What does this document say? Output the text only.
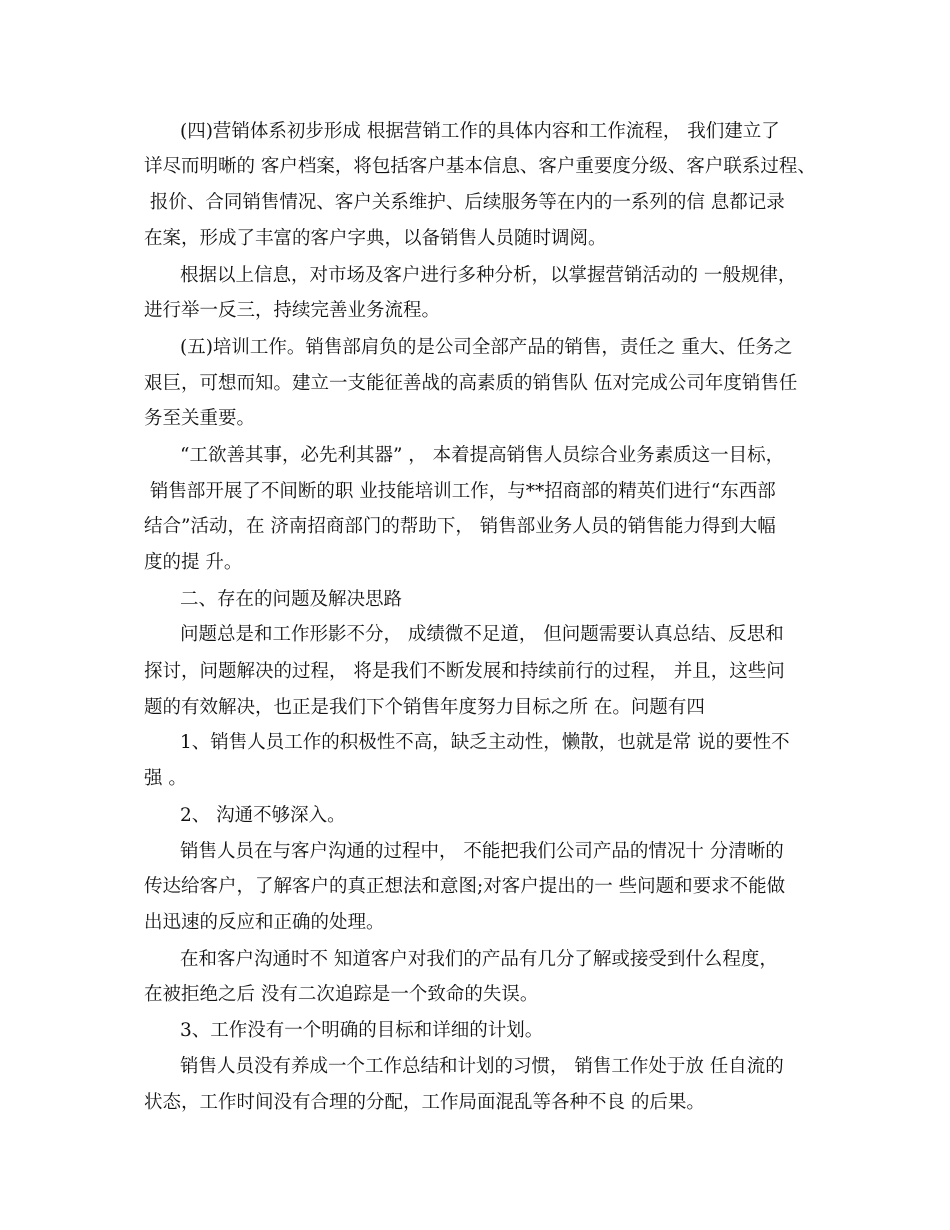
(四)营销体系初步形成 根据营销工作的具体内容和工作流程， 我们建立了
详尽而明晰的 客户档案，将包括客户基本信息、客户重要度分级、客户联系过程、
报价、合同销售情况、客户关系维护、后续服务等在内的一系列的信 息都记录
在案，形成了丰富的客户字典，以备销售人员随时调阅。
根据以上信息，对市场及客户进行多种分析，以掌握营销活动的 一般规律，
进行举一反三，持续完善业务流程。
(五)培训工作。销售部肩负的是公司全部产品的销售，责任之 重大、任务之
艰巨，可想而知。建立一支能征善战的高素质的销售队 伍对完成公司年度销售任
务至关重要。
“工欲善其事，必先利其器” ， 本着提高销售人员综合业务素质这一目标，
销售部开展了不间断的职 业技能培训工作，与**招商部的精英们进行“东西部
结合”活动，在 济南招商部门的帮助下， 销售部业务人员的销售能力得到大幅
度的提 升。
二、存在的问题及解决思路
问题总是和工作形影不分， 成绩微不足道， 但问题需要认真总结、反思和
探讨，问题解决的过程， 将是我们不断发展和持续前行的过程， 并且，这些问
题的有效解决，也正是我们下个销售年度努力目标之所 在。问题有四
1、销售人员工作的积极性不高，缺乏主动性，懒散，也就是常 说的要性不
强 。
2、 沟通不够深入。
销售人员在与客户沟通的过程中， 不能把我们公司产品的情况十 分清晰的
传达给客户，了解客户的真正想法和意图;对客户提出的一 些问题和要求不能做
出迅速的反应和正确的处理。
在和客户沟通时不 知道客户对我们的产品有几分了解或接受到什么程度，
在被拒绝之后 没有二次追踪是一个致命的失误。
3、工作没有一个明确的目标和详细的计划。
销售人员没有养成一个工作总结和计划的习惯， 销售工作处于放 任自流的
状态，工作时间没有合理的分配，工作局面混乱等各种不良 的后果。
